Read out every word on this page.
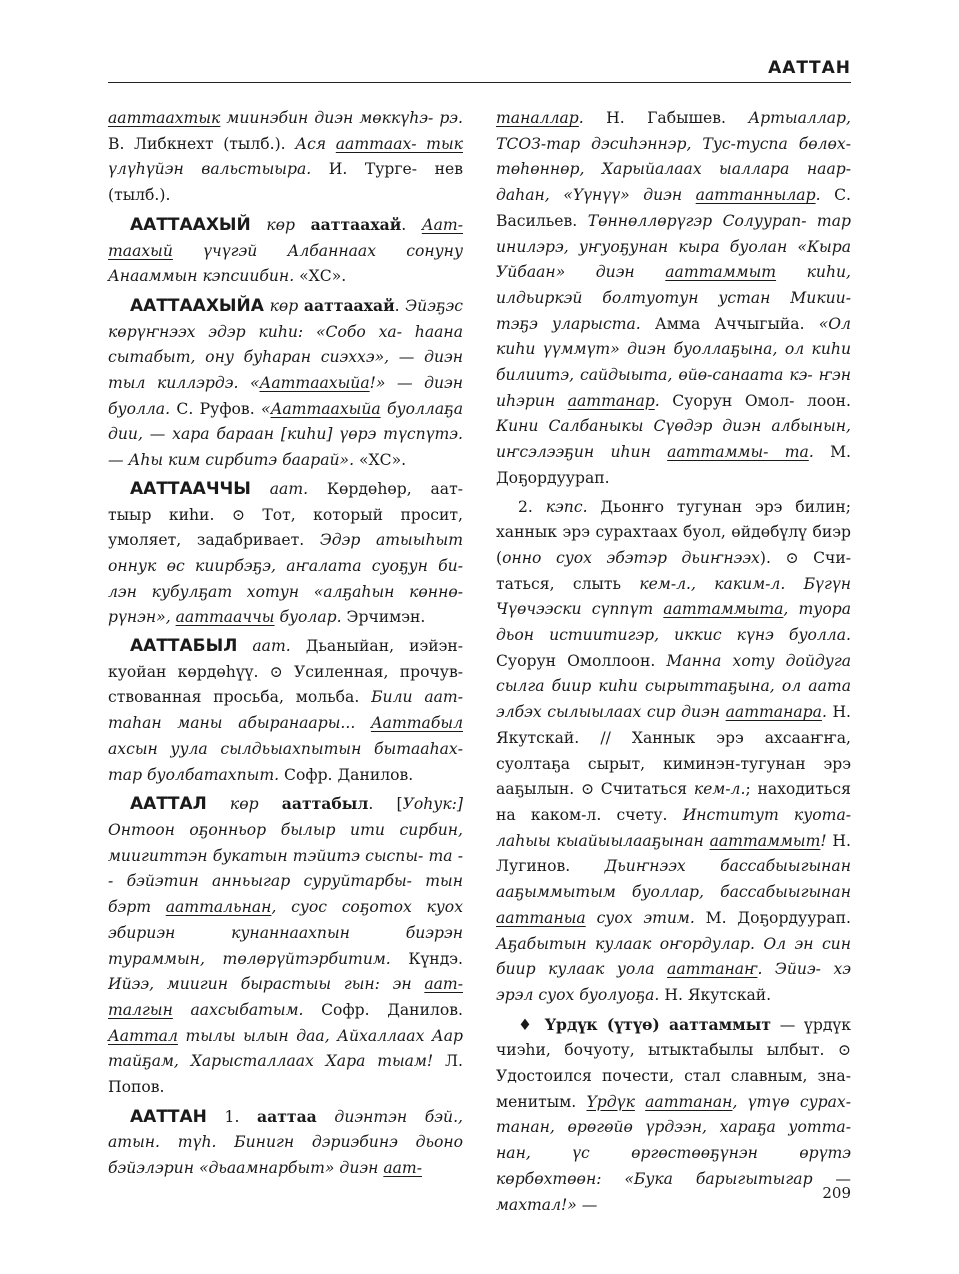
ААТТАН

ааттаахтык миинэбин диэн мөккүhэ- рэ. В. Либкнехт (тылб.). Ася ааттаах- тык үлүhүйэн вальстыыра. И. Турге- нев (тылб.).

ААТТААХЫЙ көр ааттаахай. Аат- таахый үчүгэй Албаннаах сонуну Анааммын кэпсиибин. «ХС».

ААТТААХЫЙА көр ааттаахай. Эйэҕэс көрүҥнээх эдэр киhи: «Собо ха- hаана сытабыт, ону буhаран сиэххэ», — диэн тыл киллэрдэ. «Ааттаахыйа!» — диэн буолла. С. Руфов. «Ааттаахыйа буоллаҕа дии, — хара бараан [киhи] үөрэ түспүтэ. — Аhы ким сирбитэ баарай». «ХС».

ААТТААЧЧЫ аат. Көрдөhөр, аат- тыыр киhи. ⊙ Тот, который просит, умоляет, задабривает. Эдэр атыыhыт оннук өс киирбэҕэ, аҥалата суоҕун би- лэн кубулҕат хотун «алҕаhын көннө- рүнэн», ааттааччы буолар. Эрчимэн.

ААТТАБЫЛ аат. Дьаныйан, иэйэн- куойан көрдөhүү. ⊙ Усиленная, прочув- ствованная просьба, мольба. Били аат- таhан маны абыранаары... Ааттабыл ахсын уула сылдьыахпытын бытааhах- тар буолбатахпыт. Софр. Данилов.

ААТТАЛ көр ааттабыл. [Уоhук:] Онтоон оҕонньор былыр ити сирбин, миигиттэн букатын тэйитэ сыспы- та -- бэйэтин анньыгар суруйтарбы- тын бэрт ааттальнан, суос соҕотох куох эбириэн кунаннаахпын биэрэн тураммын, төлөрүйтэрбитим. Күндэ. Ийээ, миигин бырастыы гын: эн аат- талгын аахсыбатым. Софр. Данилов. Ааттал тылы ылын даа, Айхаллаах Аар тайҕам, Харысталлаах Хара тыам! Л. Попов.

ААТТАН 1. ааттаа диэнтэн бэй., атын. түh. Бинигн дэриэбинэ дьоно бэйэлэрин «дьаамнарбыт» диэн аат-

таналлар. Н. Габышев. Артыаллар, ТСОЗ-тар дэсиhэннэр, Тус-туспа бөлөх- төhөннөр, Харыйалаах ыаллара наар- даhан, «Үүнүү» диэн ааттаннылар. С. Васильев. Төннөллөрүгэр Солуурап- тар инилэрэ, уҥуоҕунан кыра буолан «Кыра Уйбаан» диэн ааттаммыт киhи, илдьиркэй болтуотун устан Микии- тэҕэ уларыста. Амма Аччыгыйа. «Ол киhи үүммүт» диэн буоллаҕына, ол киhи билиитэ, сайдыыта, өйө-санаата кэ- ҥэн иhэрин ааттанар. Суорун Омол- лоон. Кини Салбаныкы Сүөдэр диэн албынын, иҥсэлээҕин иhин ааттаммы- та. М. Доҕордуурап.

2. кэпс. Дьонҥо тугунан эрэ билин; ханнык эрэ сурахтаах буол, өйдөбүлү биэр (онно суох эбэтэр дьиҥнээх). ⊙ Счи- таться, слыть кем-л., каким-л. Бүгүн Чүөчээски сүппүт ааттаммыта, туора дьон истиитигэр, иккис күнэ буолла. Суорун Омоллоон. Манна хоту дойдуга сылга биир киhи сырыттаҕына, ол аата элбэх сылыылаах сир диэн ааттанара. Н. Якутскай. // Ханнык эрэ ахсааҥҥа, суолтаҕа сырыт, киминэн-тугунан эрэ ааҕылын. ⊙ Считаться кем-л.; находиться на каком-л. счету. Институт куота- лаhыы кыайыылааҕынан ааттаммыт! Н. Лугинов. Дьиҥнээх бассабыыгынан ааҕыммытым буоллар, бассабыыгынан ааттаныа суох этим. М. Доҕордуурап. Аҕабытын кулаак оҥордулар. Ол эн син биир кулаак уола ааттанаҥ. Эйиэ- хэ эрэл суох буолуоҕа. Н. Якутскай.

♦ Үрдүк (үтүө) ааттаммыт — үрдүк чиэhи, бочуоту, ытыктабылы ылбыт. ⊙ Удостоился почести, стал славным, зна- менитым. Үрдүк ааттанан, үтүө сурах- танан, өрөгөйө үрдээн, хараҕа уотта- нан, үс өргөстөөҕүнэн өрүтэ көрбөхтөөн: «Бука барыгытыгар — махтал!» —

209
